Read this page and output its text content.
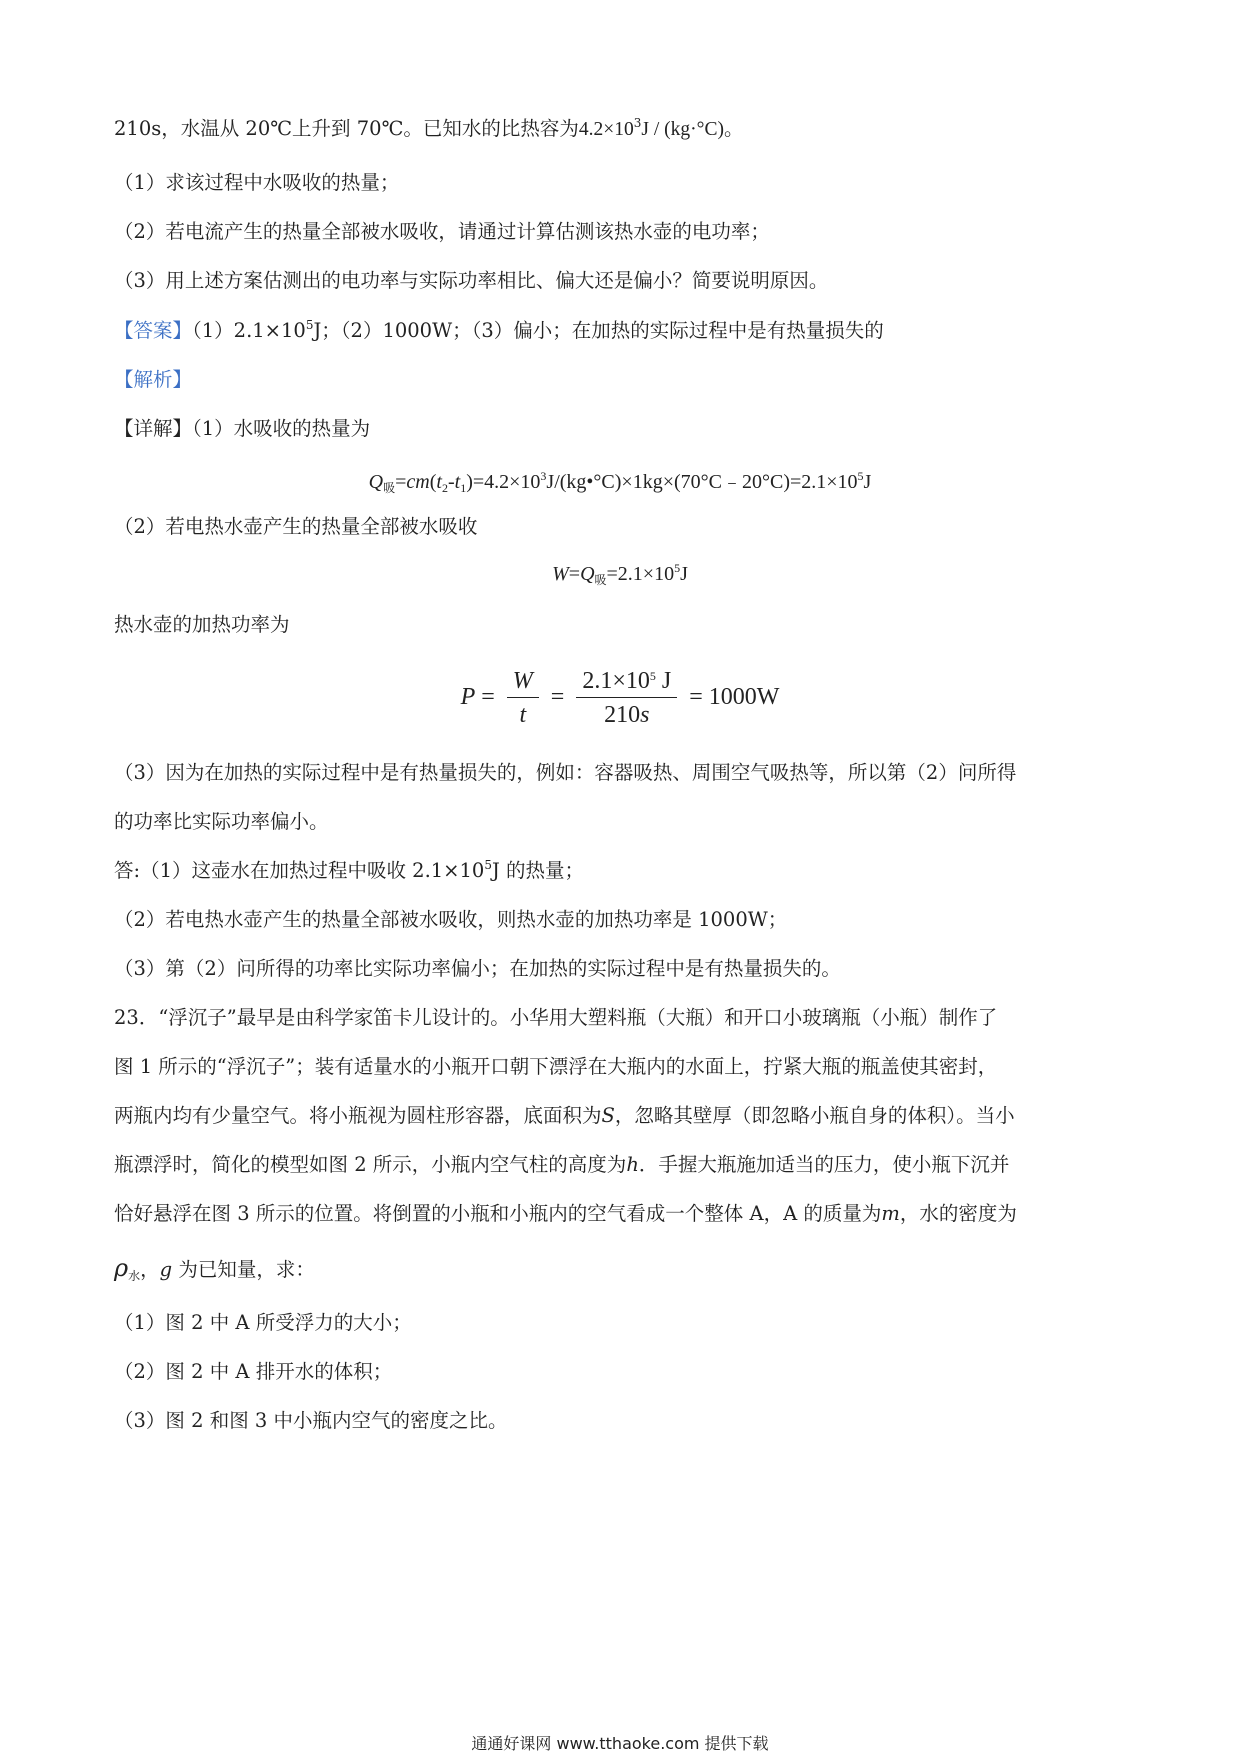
210s，水温从 20℃上升到 70℃。已知水的比热容为$4.2\times 10^3J / (kg\cdot^\circ C)$。
（1）求该过程中水吸收的热量；
（2）若电流产生的热量全部被水吸收，请通过计算估测该热水壶的电功率；
（3）用上述方案估测出的电功率与实际功率相比、偏大还是偏小？简要说明原因。
【答案】$(1)2.1\times 10^5J$；（2）1000W；（3）偏小；在加热的实际过程中是有热量损失的
【解析】
【详解】（1）水吸收的热量为
$Q_吸=cm(t_2-t_1)=4.2\times 10^3J/(kg•^\circ C)\times 1kg\times(70^\circ C﹣20^\circ C)=2.1\times 10^5J$
（2）若电热水壶产生的热量全部被水吸收
$W=Q_吸=2.1\times 10^5J$
热水壶的加热功率为
$P = \frac{W}{t} = \frac{2.1\times 10^5 J}{210s} = 1000W$
（3）因为在加热的实际过程中是有热量损失的，例如：容器吸热、周围空气吸热等，所以第（2）问所得
的功率比实际功率偏小。
答:（1）这壶水在加热过程中吸收 $2.1\times 10^5J$ 的热量；
（2）若电热水壶产生的热量全部被水吸收，则热水壶的加热功率是 1000W；
（3）第（2）问所得的功率比实际功率偏小；在加热的实际过程中是有热量损失的。
23．“浮沉子”最早是由科学家笛卡儿设计的。小华用大塑料瓶（大瓶）和开口小玻璃瓶（小瓶）制作了
图 1 所示的“浮沉子”；装有适量水的小瓶开口朝下漂浮在大瓶内的水面上，拧紧大瓶的瓶盖使其密封，
两瓶内均有少量空气。将小瓶视为圆柱形容器，底面积为S，忽略其壁厚（即忽略小瓶自身的体积）。当小
瓶漂浮时，简化的模型如图 2 所示，小瓶内空气柱的高度为h．手握大瓶施加适当的压力，使小瓶下沉并
恰好悬浮在图 3 所示的位置。将倒置的小瓶和小瓶内的空气看成一个整体 A，A 的质量为m，水的密度为
$\rho_水$，g 为已知量，求：
（1）图 2 中 A 所受浮力的大小；
（2）图 2 中 A 排开水的体积；
（3）图 2 和图 3 中小瓶内空气的密度之比。
通通好课网 www.tthaoke.com 提供下载
